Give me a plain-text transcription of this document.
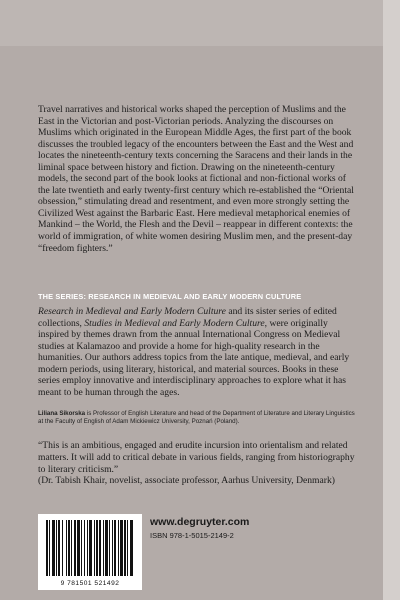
Travel narratives and historical works shaped the perception of Muslims and the East in the Victorian and post-Victorian periods. Analyzing the discourses on Muslims which originated in the European Middle Ages, the first part of the book discusses the troubled legacy of the encounters between the East and the West and locates the nineteenth-century texts concerning the Saracens and their lands in the liminal space between history and fiction. Drawing on the nineteenth-century models, the second part of the book looks at fictional and non-fictional works of the late twentieth and early twenty-first century which re-established the “Oriental obsession,” stimulating dread and resentment, and even more strongly setting the Civilized West against the Barbaric East. Here medieval metaphorical enemies of Mankind – the World, the Flesh and the Devil – reappear in different contexts: the world of immigration, of white women desiring Muslim men, and the present-day “freedom fighters.”

THE SERIES: RESEARCH IN MEDIEVAL AND EARLY MODERN CULTURE

Research in Medieval and Early Modern Culture and its sister series of edited collections, Studies in Medieval and Early Modern Culture, were originally inspired by themes drawn from the annual International Congress on Medieval studies at Kalamazoo and provide a home for high-quality research in the humanities. Our authors address topics from the late antique, medieval, and early modern periods, using literary, historical, and material sources. Books in these series employ innovative and interdisciplinary approaches to explore what it has meant to be human through the ages.

Liliana Sikorska is Professor of English Literature and head of the Department of Literature and Literary Linguistics at the Faculty of English of Adam Mickiewicz University, Poznań (Poland).

“This is an ambitious, engaged and erudite incursion into orientalism and related matters. It will add to critical debate in various fields, ranging from historiography to literary criticism.”
(Dr. Tabish Khair, novelist, associate professor, Aarhus University, Denmark)

9 781501 521492
www.degruyter.com
ISBN 978-1-5015-2149-2
